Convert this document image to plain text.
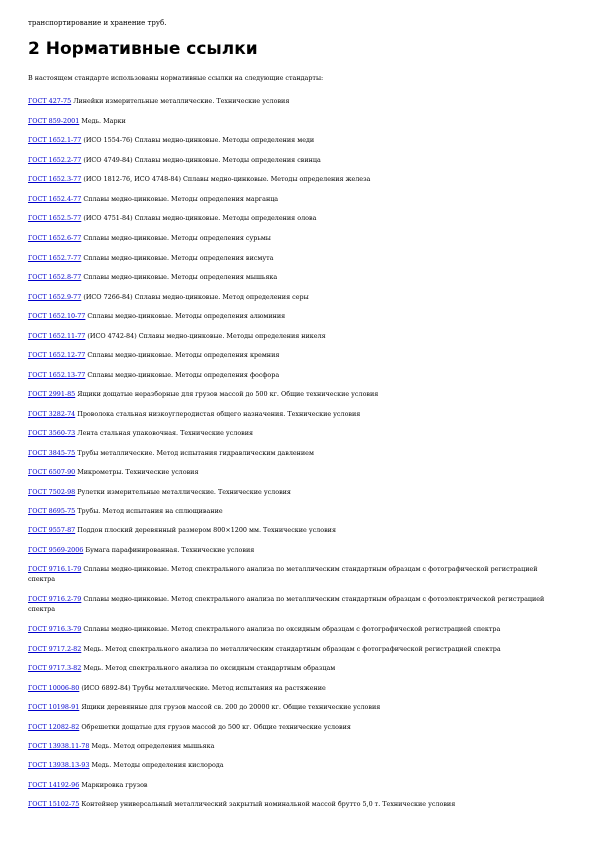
транспортирование и хранение труб.
2 Нормативные ссылки
В настоящем стандарте использованы нормативные ссылки на следующие стандарты:
ГОСТ 427-75 Линейки измерительные металлические. Технические условия
ГОСТ 859-2001 Медь. Марки
ГОСТ 1652.1-77 (ИСО 1554-76) Сплавы медно-цинковые. Методы определения меди
ГОСТ 1652.2-77 (ИСО 4749-84) Сплавы медно-цинковые. Методы определения свинца
ГОСТ 1652.3-77 (ИСО 1812-76, ИСО 4748-84) Сплавы медно-цинковые. Методы определения железа
ГОСТ 1652.4-77 Сплавы медно-цинковые. Методы определения марганца
ГОСТ 1652.5-77 (ИСО 4751-84) Сплавы медно-цинковые. Методы определения олова
ГОСТ 1652.6-77 Сплавы медно-цинковые. Методы определения сурьмы
ГОСТ 1652.7-77 Сплавы медно-цинковые. Методы определения висмута
ГОСТ 1652.8-77 Сплавы медно-цинковые. Методы определения мышьяка
ГОСТ 1652.9-77 (ИСО 7266-84) Сплавы медно-цинковые. Метод определения серы
ГОСТ 1652.10-77 Сплавы медно-цинковые. Методы определения алюминия
ГОСТ 1652.11-77 (ИСО 4742-84) Сплавы медно-цинковые. Методы определения никеля
ГОСТ 1652.12-77 Сплавы медно-цинковые. Методы определения кремния
ГОСТ 1652.13-77 Сплавы медно-цинковые. Методы определения фосфора
ГОСТ 2991-85 Ящики дощатые неразборные для грузов массой до 500 кг. Общие технические условия
ГОСТ 3282-74 Проволока стальная низкоуглеродистая общего назначения. Технические условия
ГОСТ 3560-73 Лента стальная упаковочная. Технические условия
ГОСТ 3845-75 Трубы металлические. Метод испытания гидравлическим давлением
ГОСТ 6507-90 Микрометры. Технические условия
ГОСТ 7502-98 Рулетки измерительные металлические. Технические условия
ГОСТ 8695-75 Трубы. Метод испытания на сплющивание
ГОСТ 9557-87 Поддон плоский деревянный размером 800×1200 мм. Технические условия
ГОСТ 9569-2006 Бумага парафинированная. Технические условия
ГОСТ 9716.1-79 Сплавы медно-цинковые. Метод спектрального анализа по металлическим стандартным образцам с фотографической регистрацией спектра
ГОСТ 9716.2-79 Сплавы медно-цинковые. Метод спектрального анализа по металлическим стандартным образцам с фотоэлектрической регистрацией спектра
ГОСТ 9716.3-79 Сплавы медно-цинковые. Метод спектрального анализа по оксидным образцам с фотографической регистрацией спектра
ГОСТ 9717.2-82 Медь. Метод спектрального анализа по металлическим стандартным образцам с фотографической регистрацией спектра
ГОСТ 9717.3-82 Медь. Метод спектрального анализа по оксидным стандартным образцам
ГОСТ 10006-80 (ИСО 6892-84) Трубы металлические. Метод испытания на растяжение
ГОСТ 10198-91 Ящики деревянные для грузов массой св. 200 до 20000 кг. Общие технические условия
ГОСТ 12082-82 Обрешетки дощатые для грузов массой до 500 кг. Общие технические условия
ГОСТ 13938.11-78 Медь. Метод определения мышьяка
ГОСТ 13938.13-93 Медь. Методы определения кислорода
ГОСТ 14192-96 Маркировка грузов
ГОСТ 15102-75 Контейнер универсальный металлический закрытый номинальной массой брутто 5,0 т. Технические условия
